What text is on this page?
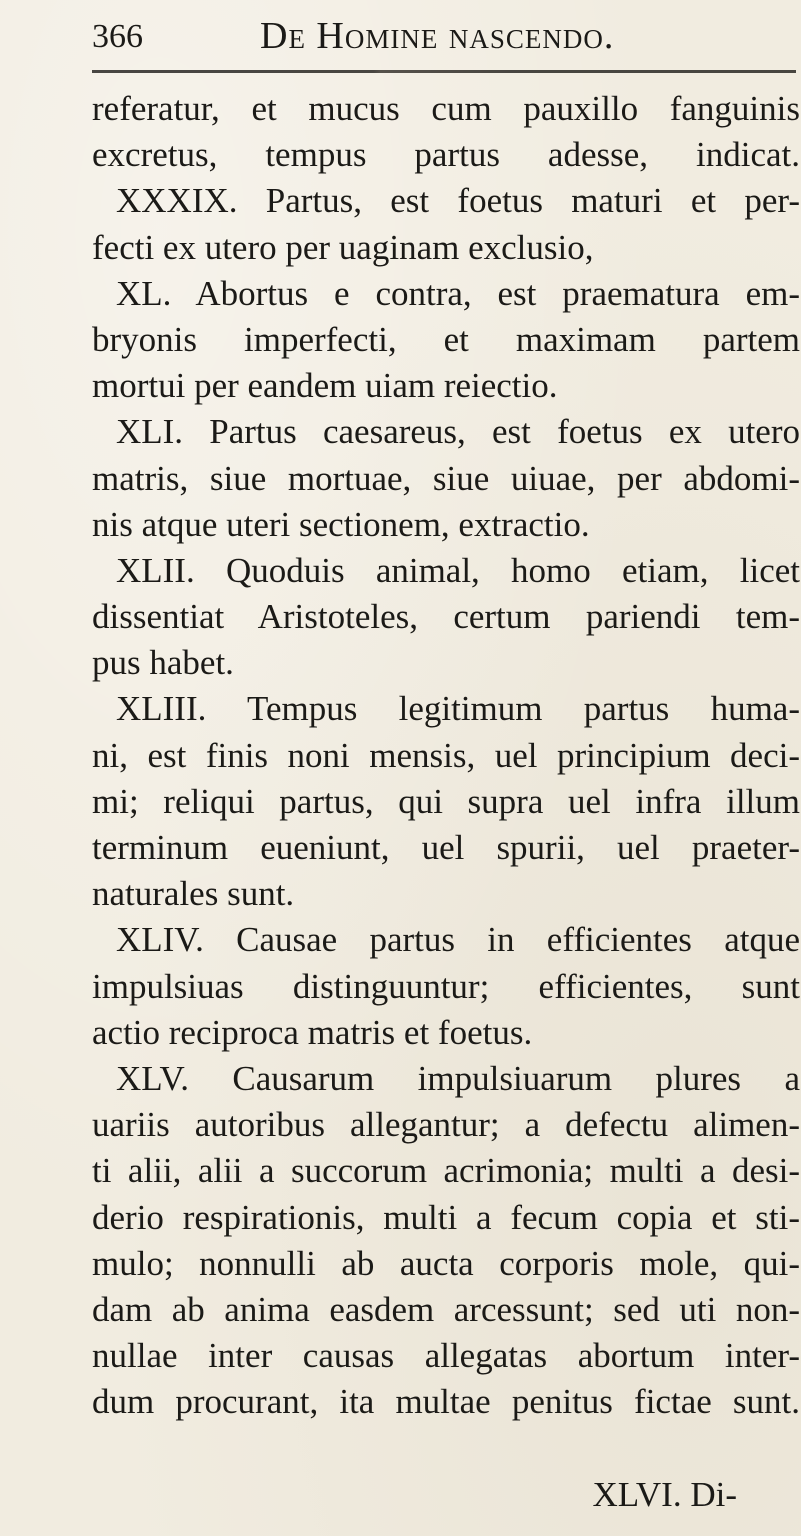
366	De Homine nascendo.
referatur, et mucus cum pauxillo fanguinis
excretus, tempus partus adesse, indicat.
XXXIX. Partus, est foetus maturi et per-
fecti ex utero per uaginam exclusio,
XL. Abortus e contra, est praematura em-
bryonis imperfecti, et maximam partem
mortui per eandem uiam reiectio.
XLI. Partus caesareus, est foetus ex utero
matris, siue mortuae, siue uiuae, per abdomi-
nis atque uteri sectionem, extractio.
XLII. Quoduis animal, homo etiam, licet
dissentiat Aristoteles, certum pariendi tem-
pus habet.
XLIII. Tempus legitimum partus huma-
ni, est finis noni mensis, uel principium deci-
mi; reliqui partus, qui supra uel infra illum
terminum eueniunt, uel spurii, uel praeter-
naturales sunt.
XLIV. Causae partus in efficientes atque
impulsiuas distinguuntur; efficientes, sunt
actio reciproca matris et foetus.
XLV. Causarum impulsiuarum plures a
uariis autoribus allegantur; a defectu alimen-
ti alii, alii a succorum acrimonia; multi a desi-
derio respirationis, multi a fecum copia et sti-
mulo; nonnulli ab aucta corporis mole, qui-
dam ab anima easdem arcessunt; sed uti non-
nullae inter causas allegatas abortum inter-
dum procurant, ita multae penitus fictae sunt.
XLVI. Di-
